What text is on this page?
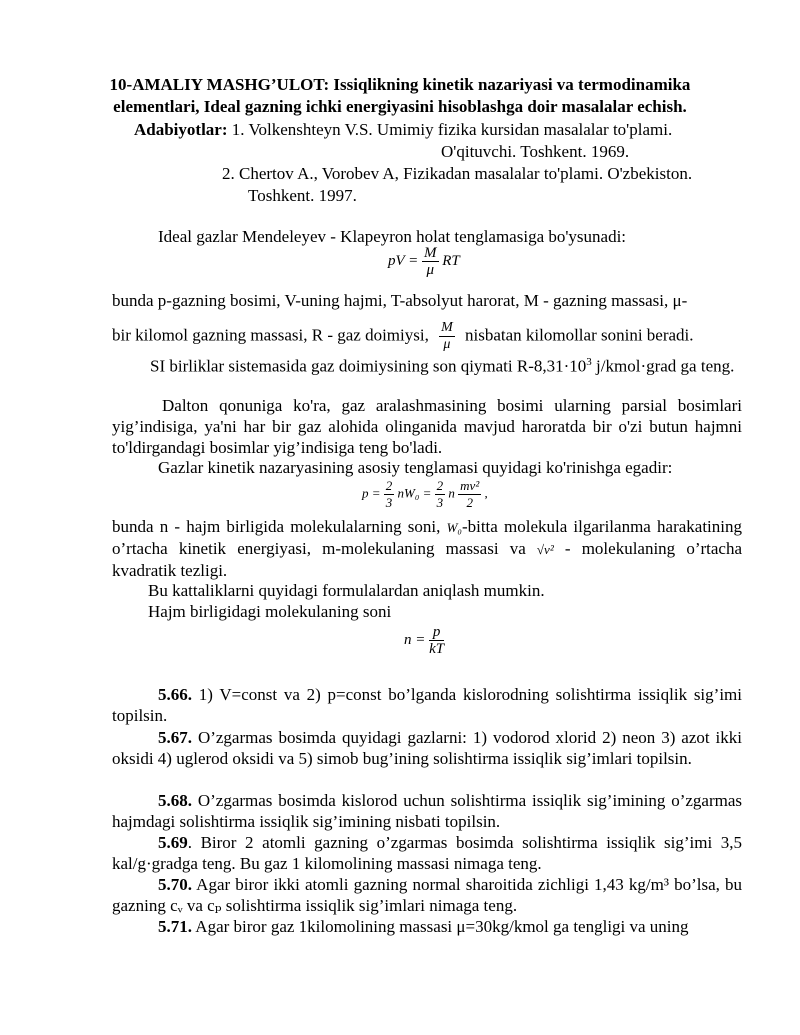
10-AMALIY MASHG’ULOT: Issiqlikning kinetik nazariyasi va termodinamika
elementlari, Ideal gazning ichki energiyasini hisoblashga doir masalalar echish.
Adabiyotlar: 1. Volkenshteyn V.S. Umimiy fizika kursidan masalalar to'plami.
O'qituvchi. Toshkent. 1969.
2. Chertov A., Vorobev A, Fizikadan masalalar to'plami. O'zbekiston.
Toshkent. 1997.
Ideal gazlar Mendeleyev - Klapeyron holat tenglamasiga bo'ysunadi:
pV = $\frac{M}{\mu}$ RT
bunda p-gazning bosimi, V-uning hajmi, T-absolyut harorat, M - gazning massasi, μ-
bir kilomol gazning massasi, R - gaz doimiysi, $\frac{M}{\mu}$ nisbatan kilomollar sonini beradi.
SI birliklar sistemasida gaz doimiysining son qiymati $R-8,31\cdot 10^3$ j/kmol·grad ga teng.
Dalton qonuniga ko'ra, gaz aralashmasining bosimi ularning parsial bosimlari yig’indisiga, ya'ni har bir gaz alohida olinganida mavjud haroratda bir o'zi butun hajmni to'ldirgandagi bosimlar yig’indisiga teng bo'ladi.
Gazlar kinetik nazaryasining asosiy tenglamasi quyidagi ko'rinishga egadir:
$p = \frac{2}{3} nW_0 = \frac{2}{3}$ n $\frac{\text{mv²}}{2}$ ,
bunda n - hajm birligida molekulalarning soni, W₀-bitta molekula ilgarilanma harakatining o’rtacha kinetik energiyasi, m-molekulaning massasi va √v² - molekulaning o’rtacha kvadratik tezligi.
Bu kattaliklarni quyidagi formulalardan aniqlash mumkin.
Hajm birligidagi molekulaning soni
$n = \frac{p}{kT}$
5.66. 1) V=const va 2) p=const bo’lganda kislorodning solishtirma issiqlik sig’imi topilsin.
5.67. O’zgarmas bosimda quyidagi gazlarni: 1) vodorod xlorid 2) neon 3) azot ikki oksidi 4) uglerod oksidi va 5) simob bug’ining solishtirma issiqlik sig’imlari topilsin.
5.68. O’zgarmas bosimda kislorod uchun solishtirma issiqlik sig’imining o’zgarmas hajmdagi solishtirma issiqlik sig’imining nisbati topilsin.
5.69. Biror 2 atomli gazning o’zgarmas bosimda solishtirma issiqlik sig’imi 3,5 kal/g·gradga teng. Bu gaz 1 kilomolining massasi nimaga teng.
5.70. Agar biror ikki atomli gazning normal sharoitida zichligi 1,43 kg/m³ bo’lsa, bu gazning cᵥ va cₚ solishtirma issiqlik sig’imlari nimaga teng.
5.71. Agar biror gaz 1kilomolining massasi μ=30kg/kmol ga tengligi va uning
